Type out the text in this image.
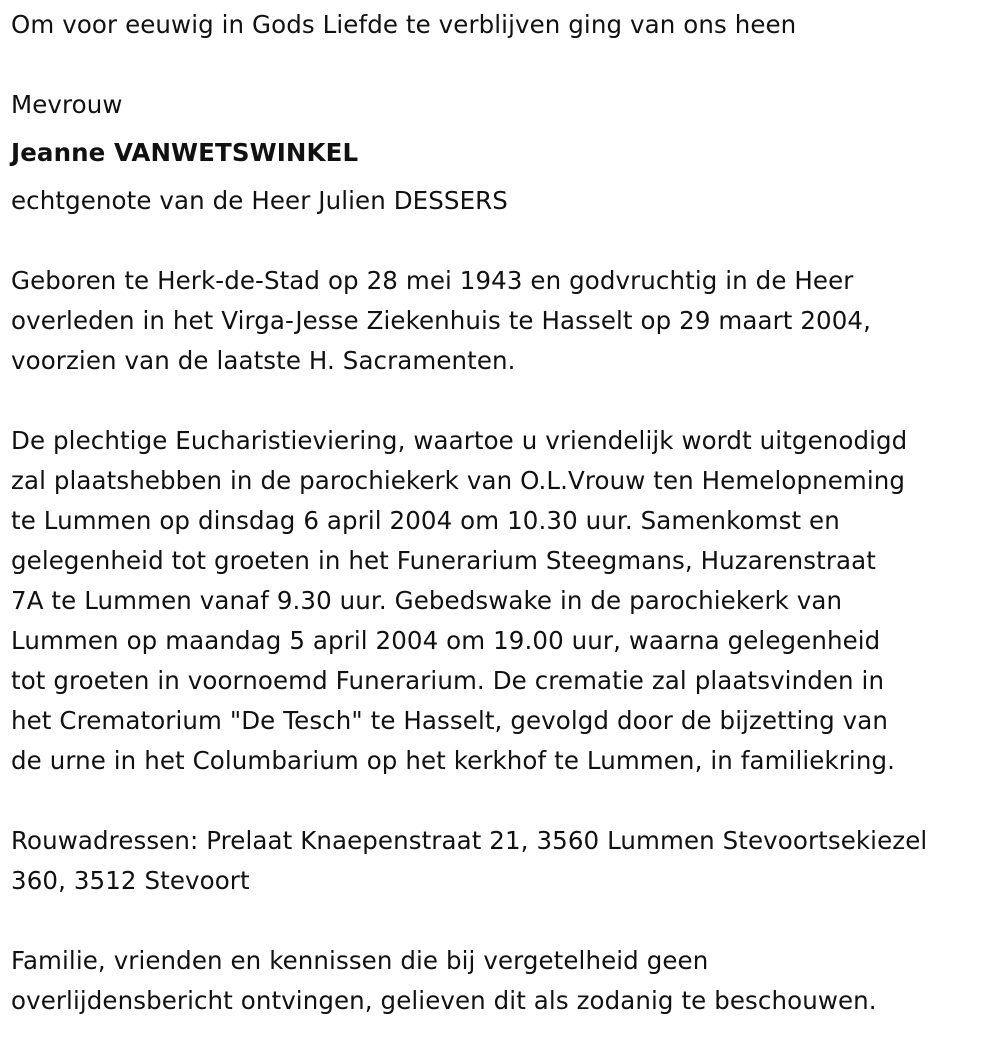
Om voor eeuwig in Gods Liefde te verblijven ging van ons heen
Mevrouw
Jeanne VANWETSWINKEL
echtgenote van de Heer Julien DESSERS
Geboren te Herk-de-Stad op 28 mei 1943 en godvruchtig in de Heer
overleden in het Virga-Jesse Ziekenhuis te Hasselt op 29 maart 2004,
voorzien van de laatste H. Sacramenten.
De plechtige Eucharistieviering, waartoe u vriendelijk wordt uitgenodigd
zal plaatshebben in de parochiekerk van O.L.Vrouw ten Hemelopneming
te Lummen op dinsdag 6 april 2004 om 10.30 uur. Samenkomst en
gelegenheid tot groeten in het Funerarium Steegmans, Huzarenstraat
7A te Lummen vanaf 9.30 uur. Gebedswake in de parochiekerk van
Lummen op maandag 5 april 2004 om 19.00 uur, waarna gelegenheid
tot groeten in voornoemd Funerarium. De crematie zal plaatsvinden in
het Crematorium "De Tesch" te Hasselt, gevolgd door de bijzetting van
de urne in het Columbarium op het kerkhof te Lummen, in familiekring.
Rouwadressen: Prelaat Knaepenstraat 21, 3560 Lummen Stevoortsekiezel
360, 3512 Stevoort
Familie, vrienden en kennissen die bij vergetelheid geen
overlijdensbericht ontvingen, gelieven dit als zodanig te beschouwen.
